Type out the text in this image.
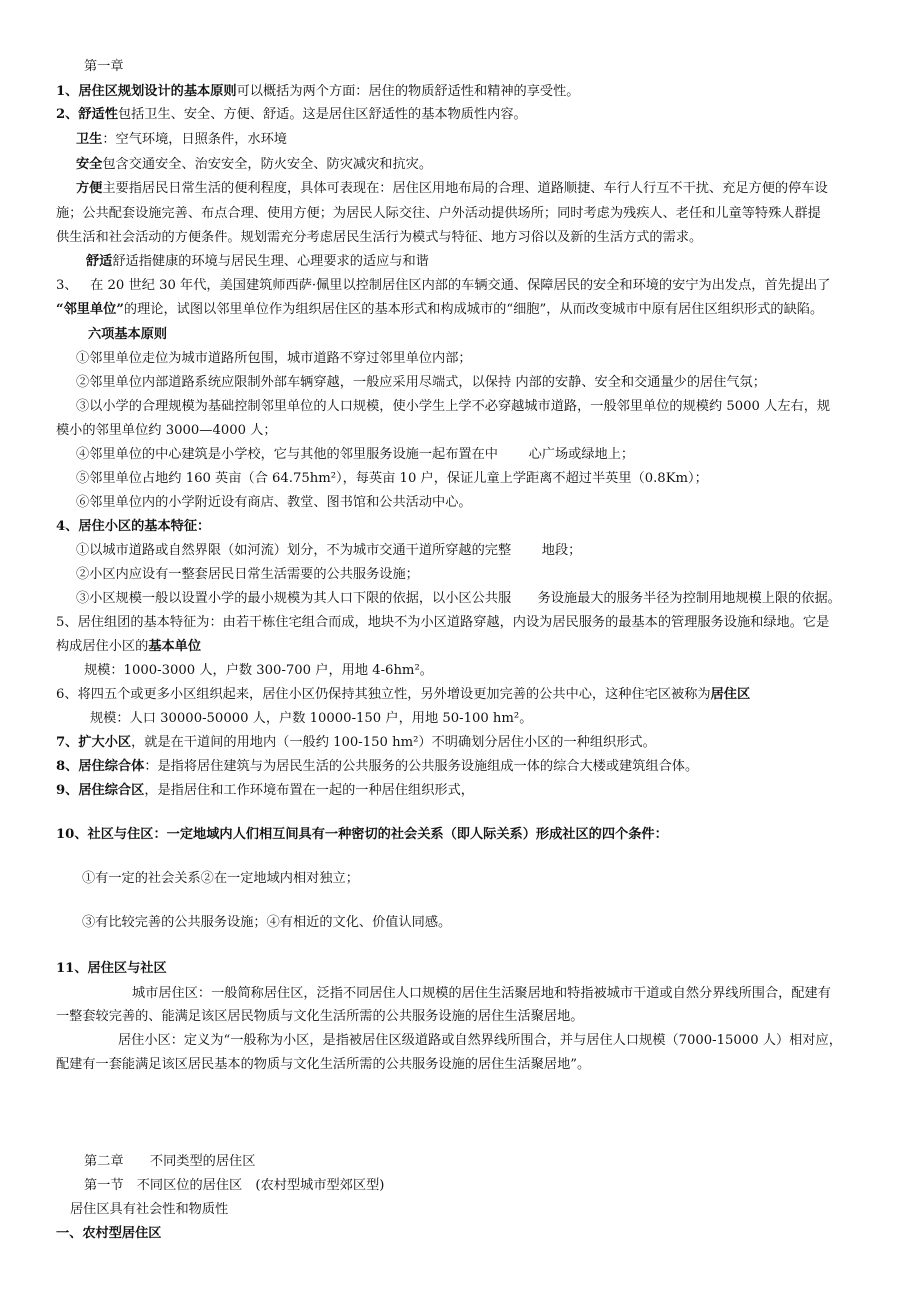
第一章
1、居住区规划设计的基本原则可以概括为两个方面：居住的物质舒适性和精神的享受性。
2、舒适性包括卫生、安全、方便、舒适。这是居住区舒适性的基本物质性内容。
卫生：空气环境，日照条件，水环境
安全包含交通安全、治安安全，防火安全、防灾减灾和抗灾。
方便主要指居民日常生活的便利程度，具体可表现在：居住区用地布局的合理、道路顺捷、车行人行互不干扰、充足方便的停车设
施；公共配套设施完善、布点合理、使用方便；为居民人际交往、户外活动提供场所；同时考虑为残疾人、老任和儿童等特殊人群提
供生活和社会活动的方便条件。规划需充分考虑居民生活行为模式与特征、地方习俗以及新的生活方式的需求。
舒适舒适指健康的环境与居民生理、心理要求的适应与和谐
3、 在 20 世纪 30 年代，美国建筑师西萨·佩里以控制居住区内部的车辆交通、保障居民的安全和环境的安宁为出发点，首先提出了
“邻里单位”的理论，试图以邻里单位作为组织居住区的基本形式和构成城市的“细胞”，从而改变城市中原有居住区组织形式的缺陷。
六项基本原则
①邻里单位走位为城市道路所包围，城市道路不穿过邻里单位内部；
②邻里单位内部道路系统应限制外部车辆穿越，一般应采用尽端式，以保持 内部的安静、安全和交通量少的居住气氛；
③以小学的合理规模为基础控制邻里单位的人口规模，使小学生上学不必穿越城市道路，一般邻里单位的规模约 5000 人左右，规
模小的邻里单位约 3000—4000 人；
④邻里单位的中心建筑是小学校，它与其他的邻里服务设施一起布置在中　　 心广场或绿地上；
⑤邻里单位占地约 160 英亩（合 64.75hm²），每英亩 10 户，保证儿童上学距离不超过半英里（0.8Km）；
⑥邻里单位内的小学附近设有商店、教堂、图书馆和公共活动中心。
4、居住小区的基本特征：
①以城市道路或自然界限（如河流）划分，不为城市交通干道所穿越的完整　　 地段；
②小区内应设有一整套居民日常生活需要的公共服务设施；
③小区规模一般以设置小学的最小规模为其人口下限的依据，以小区公共服　　务设施最大的服务半径为控制用地规模上限的依据。
5、居住组团的基本特征为：由若干栋住宅组合而成，地块不为小区道路穿越，内设为居民服务的最基本的管理服务设施和绿地。它是
构成居住小区的基本单位
规模：1000-3000 人，户数 300-700 户，用地 4-6hm²。
6、将四五个或更多小区组织起来，居住小区仍保持其独立性，另外增设更加完善的公共中心，这种住宅区被称为居住区
规模：人口 30000-50000 人，户数 10000-150 户，用地 50-100 hm²。
7、扩大小区，就是在干道间的用地内（一般约 100-150 hm²）不明确划分居住小区的一种组织形式。
8、居住综合体：是指将居住建筑与为居民生活的公共服务的公共服务设施组成一体的综合大楼或建筑组合体。
9、居住综合区，是指居住和工作环境布置在一起的一种居住组织形式，
10、社区与住区：一定地域内人们相互间具有一种密切的社会关系（即人际关系）形成社区的四个条件：
①有一定的社会关系②在一定地域内相对独立；
③有比较完善的公共服务设施；④有相近的文化、价值认同感。
11、居住区与社区
城市居住区：一般简称居住区，泛指不同居住人口规模的居住生活聚居地和特指被城市干道或自然分界线所围合，配建有
一整套较完善的、能满足该区居民物质与文化生活所需的公共服务设施的居住生活聚居地。
居住小区：定义为“一般称为小区，是指被居住区级道路或自然界线所围合，并与居住人口规模（7000-15000 人）相对应，
配建有一套能满足该区居民基本的物质与文化生活所需的公共服务设施的居住生活聚居地”。
第二章　　不同类型的居住区
第一节　不同区位的居住区　(农村型城市型郊区型)
居住区具有社会性和物质性
一、农村型居住区
